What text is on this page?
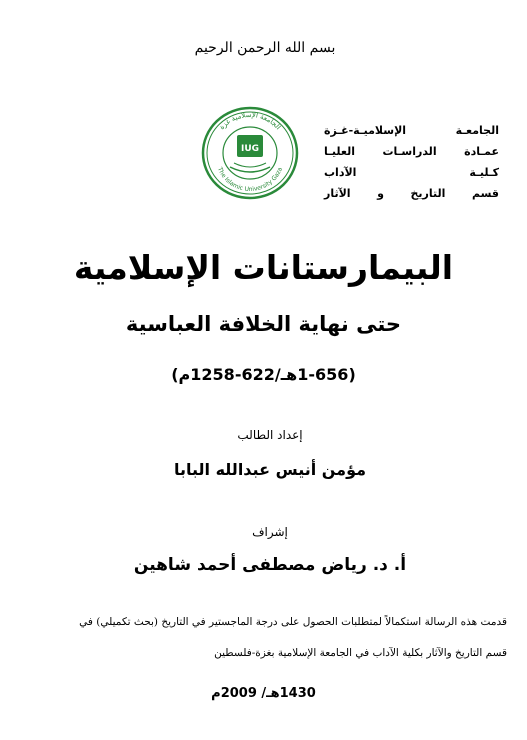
بسم الله الرحمن الرحيم
الجامعـة الإسلاميـة-غـزة
عمـادة الدراسـات العليـا
كـليـة الآداب
قسم التاريخ و الآثار
الجامعة الإسلامية غزة
The Islamic University Gaza
IUG
البيمارستانات الإسلامية
حتى نهاية الخلافة العباسية
(1-656هـ/622-1258م)
إعداد الطالب
مؤمن أنيس عبدالله البابا
إشراف
أ. د. رياض مصطفى أحمد شاهين
قدمت هذه الرسالة استكمالاً لمتطلبات الحصول على درجة الماجستير في التاريخ (بحث تكميلي) في
قسم التاريخ والآثار بكلية الآداب في الجامعة الإسلامية بغزة-فلسطين
1430هـ/ 2009م
